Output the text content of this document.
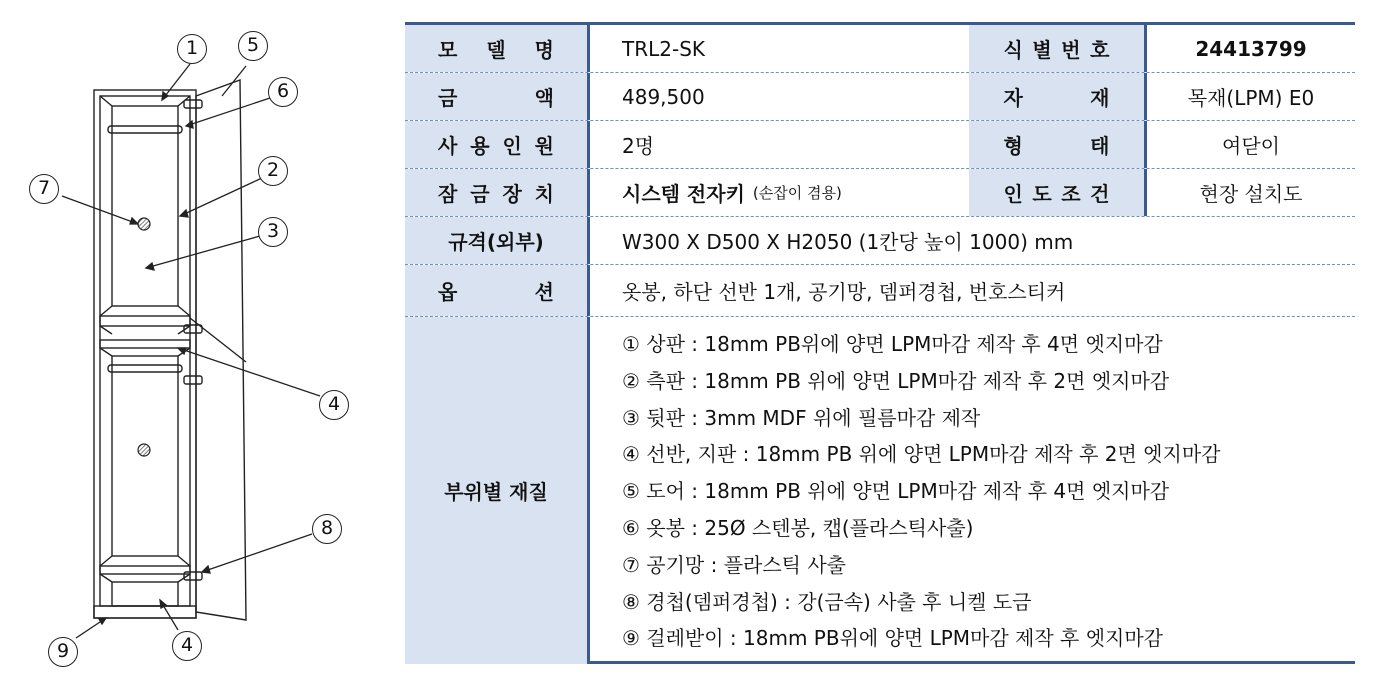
1	5
6
2
7
3
4
8
9	4
모 델 명	TRL2-SK	식 별 번 호	24413799
금	액	489,500	자	재	목재(LPM) E0
사 용 인 원	2명	형	태	여닫이
잠 금 장 치	시스템 전자키 (손잡이 겸용)	인 도 조 건	현장 설치도
규격(외부)	W300 X D500 X H2050 (1칸당 높이 1000) mm
옵	션	옷봉, 하단 선반 1개, 공기망, 뎀퍼경첩, 번호스티커
부위별 재질
① 상판 : 18mm PB위에 양면 LPM마감 제작 후 4면 엣지마감
② 측판 : 18mm PB 위에 양면 LPM마감 제작 후 2면 엣지마감
③ 뒷판 : 3mm MDF 위에 필름마감 제작
④ 선반, 지판 : 18mm PB 위에 양면 LPM마감 제작 후 2면 엣지마감
⑤ 도어 : 18mm PB 위에 양면 LPM마감 제작 후 4면 엣지마감
⑥ 옷봉 : 25Ø 스텐봉, 캡(플라스틱사출)
⑦ 공기망 : 플라스틱 사출
⑧ 경첩(뎀퍼경첩) : 강(금속) 사출 후 니켈 도금
⑨ 걸레받이 : 18mm PB위에 양면 LPM마감 제작 후 엣지마감
